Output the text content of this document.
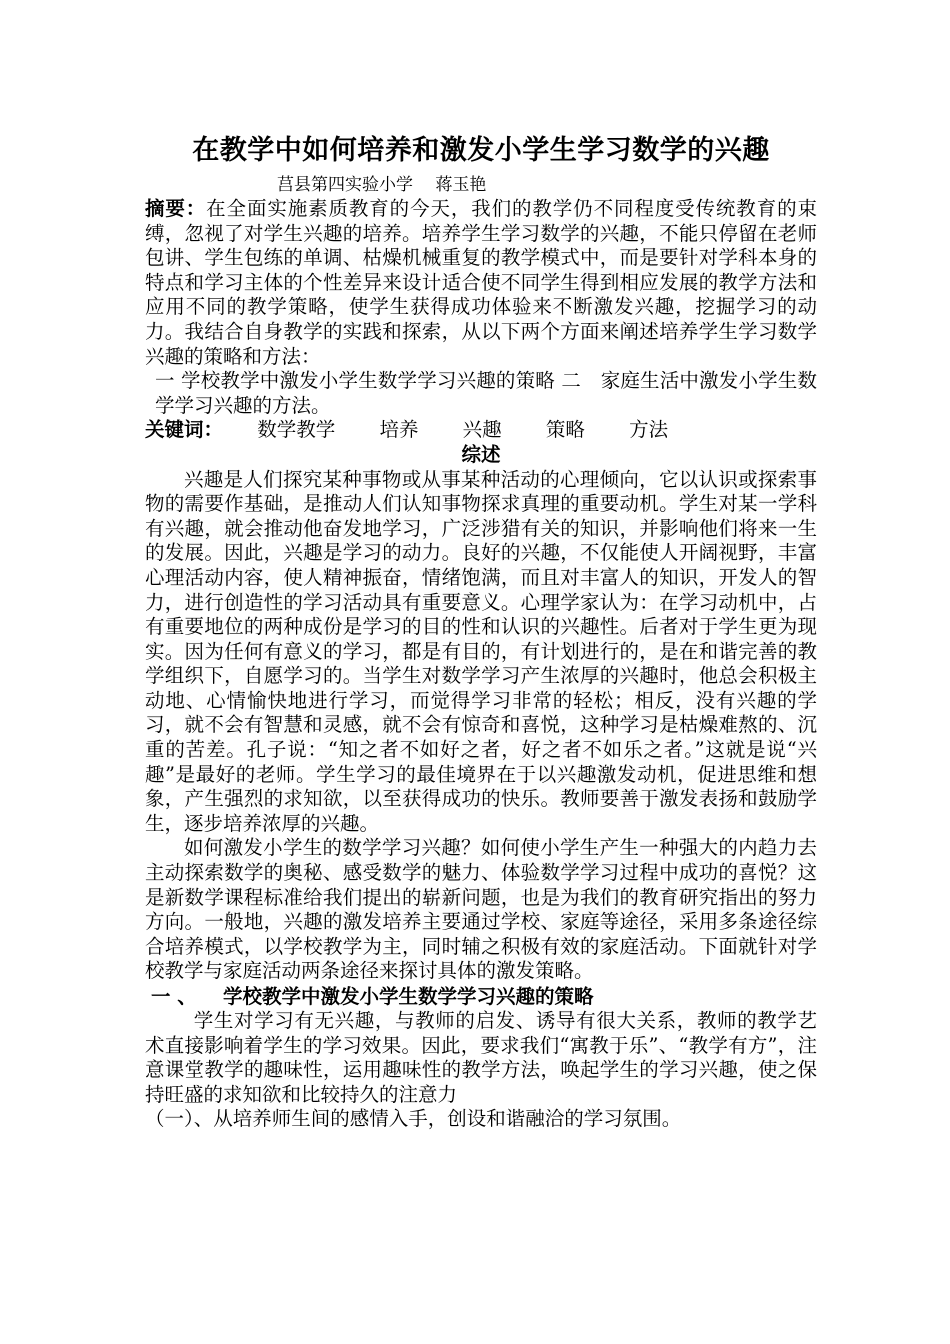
在教学中如何培养和激发小学生学习数学的兴趣

莒县第四实验小学　 蒋玉艳

摘要：在全面实施素质教育的今天，我们的教学仍不同程度受传统教育的束缚，忽视了对学生兴趣的培养。培养学生学习数学的兴趣，不能只停留在老师包讲、学生包练的单调、枯燥机械重复的教学模式中，而是要针对学科本身的特点和学习主体的个性差异来设计适合使不同学生得到相应发展的教学方法和应用不同的教学策略，使学生获得成功体验来不断激发兴趣，挖掘学习的动力。我结合自身教学的实践和探索，从以下两个方面来阐述培养学生学习数学兴趣的策略和方法：

一 学校教学中激发小学生数学学习兴趣的策略 二　家庭生活中激发小学生数学学习兴趣的方法。

关键词： 数学教学 培养 兴趣 策略 方法

综述

兴趣是人们探究某种事物或从事某种活动的心理倾向，它以认识或探索事物的需要作基础，是推动人们认知事物探求真理的重要动机。学生对某一学科有兴趣，就会推动他奋发地学习，广泛涉猎有关的知识，并影响他们将来一生的发展。因此，兴趣是学习的动力。良好的兴趣，不仅能使人开阔视野，丰富心理活动内容，使人精神振奋，情绪饱满，而且对丰富人的知识，开发人的智力，进行创造性的学习活动具有重要意义。心理学家认为：在学习动机中，占有重要地位的两种成份是学习的目的性和认识的兴趣性。后者对于学生更为现实。因为任何有意义的学习，都是有目的，有计划进行的，是在和谐完善的教学组织下，自愿学习的。当学生对数学学习产生浓厚的兴趣时，他总会积极主动地、心情愉快地进行学习，而觉得学习非常的轻松；相反，没有兴趣的学习，就不会有智慧和灵感，就不会有惊奇和喜悦，这种学习是枯燥难熬的、沉重的苦差。孔子说：“知之者不如好之者，好之者不如乐之者。”这就是说“兴趣”是最好的老师。学生学习的最佳境界在于以兴趣激发动机，促进思维和想象，产生强烈的求知欲，以至获得成功的快乐。教师要善于激发表扬和鼓励学生，逐步培养浓厚的兴趣。

如何激发小学生的数学学习兴趣？如何使小学生产生一种强大的内趋力去主动探索数学的奥秘、感受数学的魅力、体验数学学习过程中成功的喜悦？这是新数学课程标准给我们提出的崭新问题，也是为我们的教育研究指出的努力方向。一般地，兴趣的激发培养主要通过学校、家庭等途径，采用多条途径综合培养模式，以学校教学为主，同时辅之积极有效的家庭活动。下面就针对学校教学与家庭活动两条途径来探讨具体的激发策略。

一 、 学校教学中激发小学生数学学习兴趣的策略

学生对学习有无兴趣，与教师的启发、诱导有很大关系，教师的教学艺术直接影响着学生的学习效果。因此，要求我们“寓教于乐”、“教学有方”，注意课堂教学的趣味性，运用趣味性的教学方法，唤起学生的学习兴趣，使之保持旺盛的求知欲和比较持久的注意力

（一）、从培养师生间的感情入手，创设和谐融洽的学习氛围。
